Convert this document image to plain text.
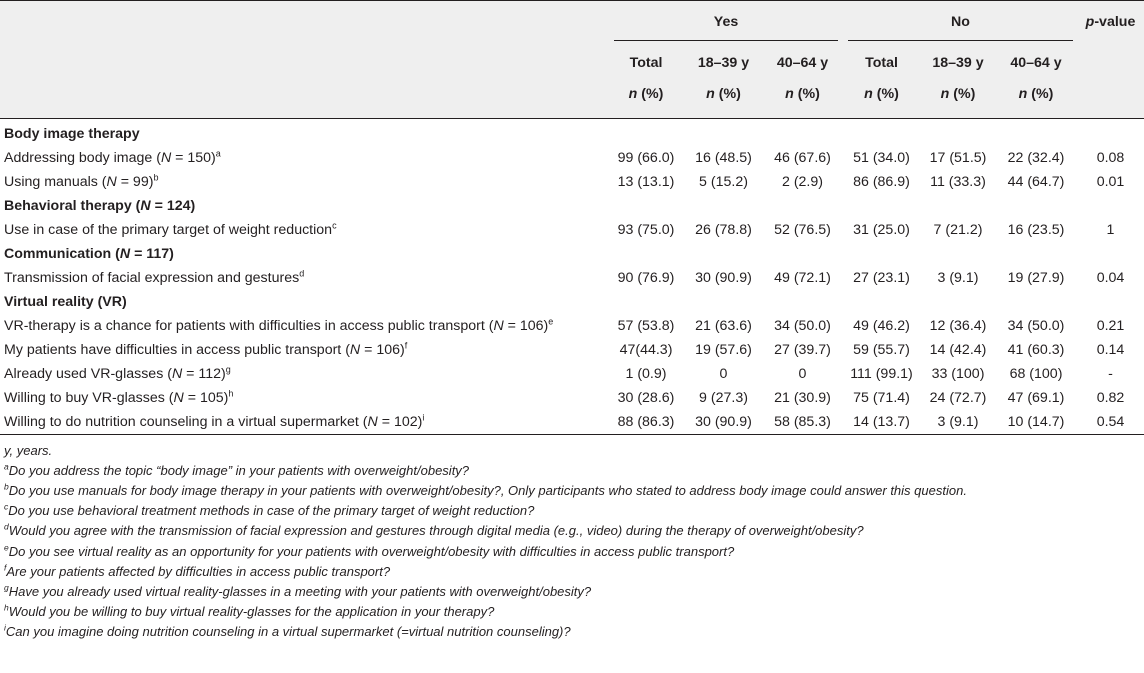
	Yes			No			p-value
	Total	18–39 y	40–64 y	Total	18–39 y	40–64 y	
	n (%)	n (%)	n (%)	n (%)	n (%)	n (%)	

Body image therapy							
Addressing body image (N = 150)$^a$	99 (66.0)	16 (48.5)	46 (67.6)	51 (34.0)	17 (51.5)	22 (32.4)	0.08
Using manuals (N = 99)$^b$	13 (13.1)	5 (15.2)	2 (2.9)	86 (86.9)	11 (33.3)	44 (64.7)	0.01
Behavioral therapy (N = 124)							
Use in case of the primary target of weight reduction$^c$	93 (75.0)	26 (78.8)	52 (76.5)	31 (25.0)	7 (21.2)	16 (23.5)	1
Communication (N = 117)							
Transmission of facial expression and gestures$^d$	90 (76.9)	30 (90.9)	49 (72.1)	27 (23.1)	3 (9.1)	19 (27.9)	0.04
Virtual reality (VR)							
VR-therapy is a chance for patients with difficulties in access public transport (N = 106)$^e$	57 (53.8)	21 (63.6)	34 (50.0)	49 (46.2)	12 (36.4)	34 (50.0)	0.21
My patients have difficulties in access public transport (N = 106)$^f$	47(44.3)	19 (57.6)	27 (39.7)	59 (55.7)	14 (42.4)	41 (60.3)	0.14
Already used VR-glasses (N = 112)$^g$	1 (0.9)	0	0	111 (99.1)	33 (100)	68 (100)	-
Willing to buy VR-glasses (N = 105)$^h$	30 (28.6)	9 (27.3)	21 (30.9)	75 (71.4)	24 (72.7)	47 (69.1)	0.82
Willing to do nutrition counseling in a virtual supermarket (N = 102)$^i$	88 (86.3)	30 (90.9)	58 (85.3)	14 (13.7)	3 (9.1)	10 (14.7)	0.54
y, years.
$^a$Do you address the topic “body image” in your patients with overweight/obesity?
$^b$Do you use manuals for body image therapy in your patients with overweight/obesity?, Only participants who stated to address body image could answer this question.
$^c$Do you use behavioral treatment methods in case of the primary target of weight reduction?
$^d$Would you agree with the transmission of facial expression and gestures through digital media (e.g., video) during the therapy of overweight/obesity?
$^e$Do you see virtual reality as an opportunity for your patients with overweight/obesity with difficulties in access public transport?
$^f$Are your patients affected by difficulties in access public transport?
$^g$Have you already used virtual reality-glasses in a meeting with your patients with overweight/obesity?
$^h$Would you be willing to buy virtual reality-glasses for the application in your therapy?
$^i$Can you imagine doing nutrition counseling in a virtual supermarket (=virtual nutrition counseling)?
